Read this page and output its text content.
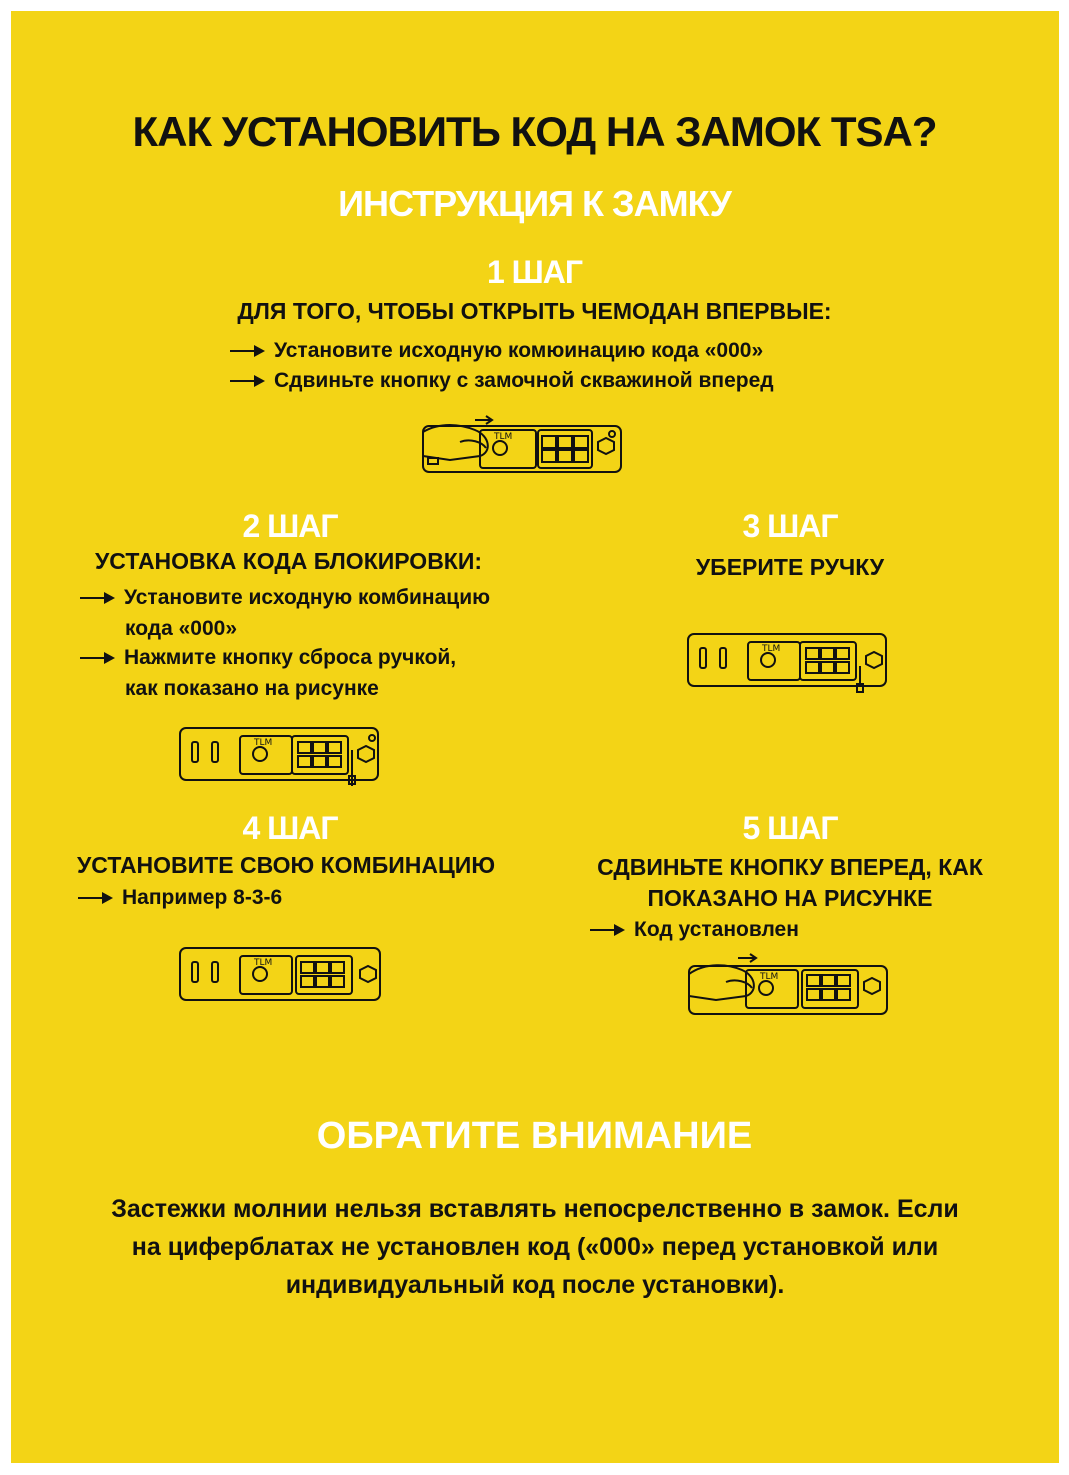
КАК УСТАНОВИТЬ КОД НА ЗАМОК TSA?
ИНСТРУКЦИЯ К ЗАМКУ
1 ШАГ
ДЛЯ ТОГО, ЧТОБЫ ОТКРЫТЬ ЧЕМОДАН ВПЕРВЫЕ:
Установите исходную комюинацию кода «000»
Сдвиньте кнопку с замочной скважиной вперед
TLM
2 ШАГ
УСТАНОВКА КОДА БЛОКИРОВКИ:
Установите исходную комбинацию
кода «000»
Нажмите кнопку сброса ручкой,
как показано на рисунке
TLM
3 ШАГ
УБЕРИТЕ РУЧКУ
TLM
4 ШАГ
УСТАНОВИТЕ СВОЮ КОМБИНАЦИЮ
Например 8-3-6
TLM
5 ШАГ
СДВИНЬТЕ КНОПКУ ВПЕРЕД, КАК
ПОКАЗАНО НА РИСУНКЕ
Код установлен
TLM
ОБРАТИТЕ ВНИМАНИЕ
Застежки молнии нельзя вставлять непосрелственно в замок. Если
на циферблатах не установлен код («000» перед установкой или
индивидуальный код после установки).
